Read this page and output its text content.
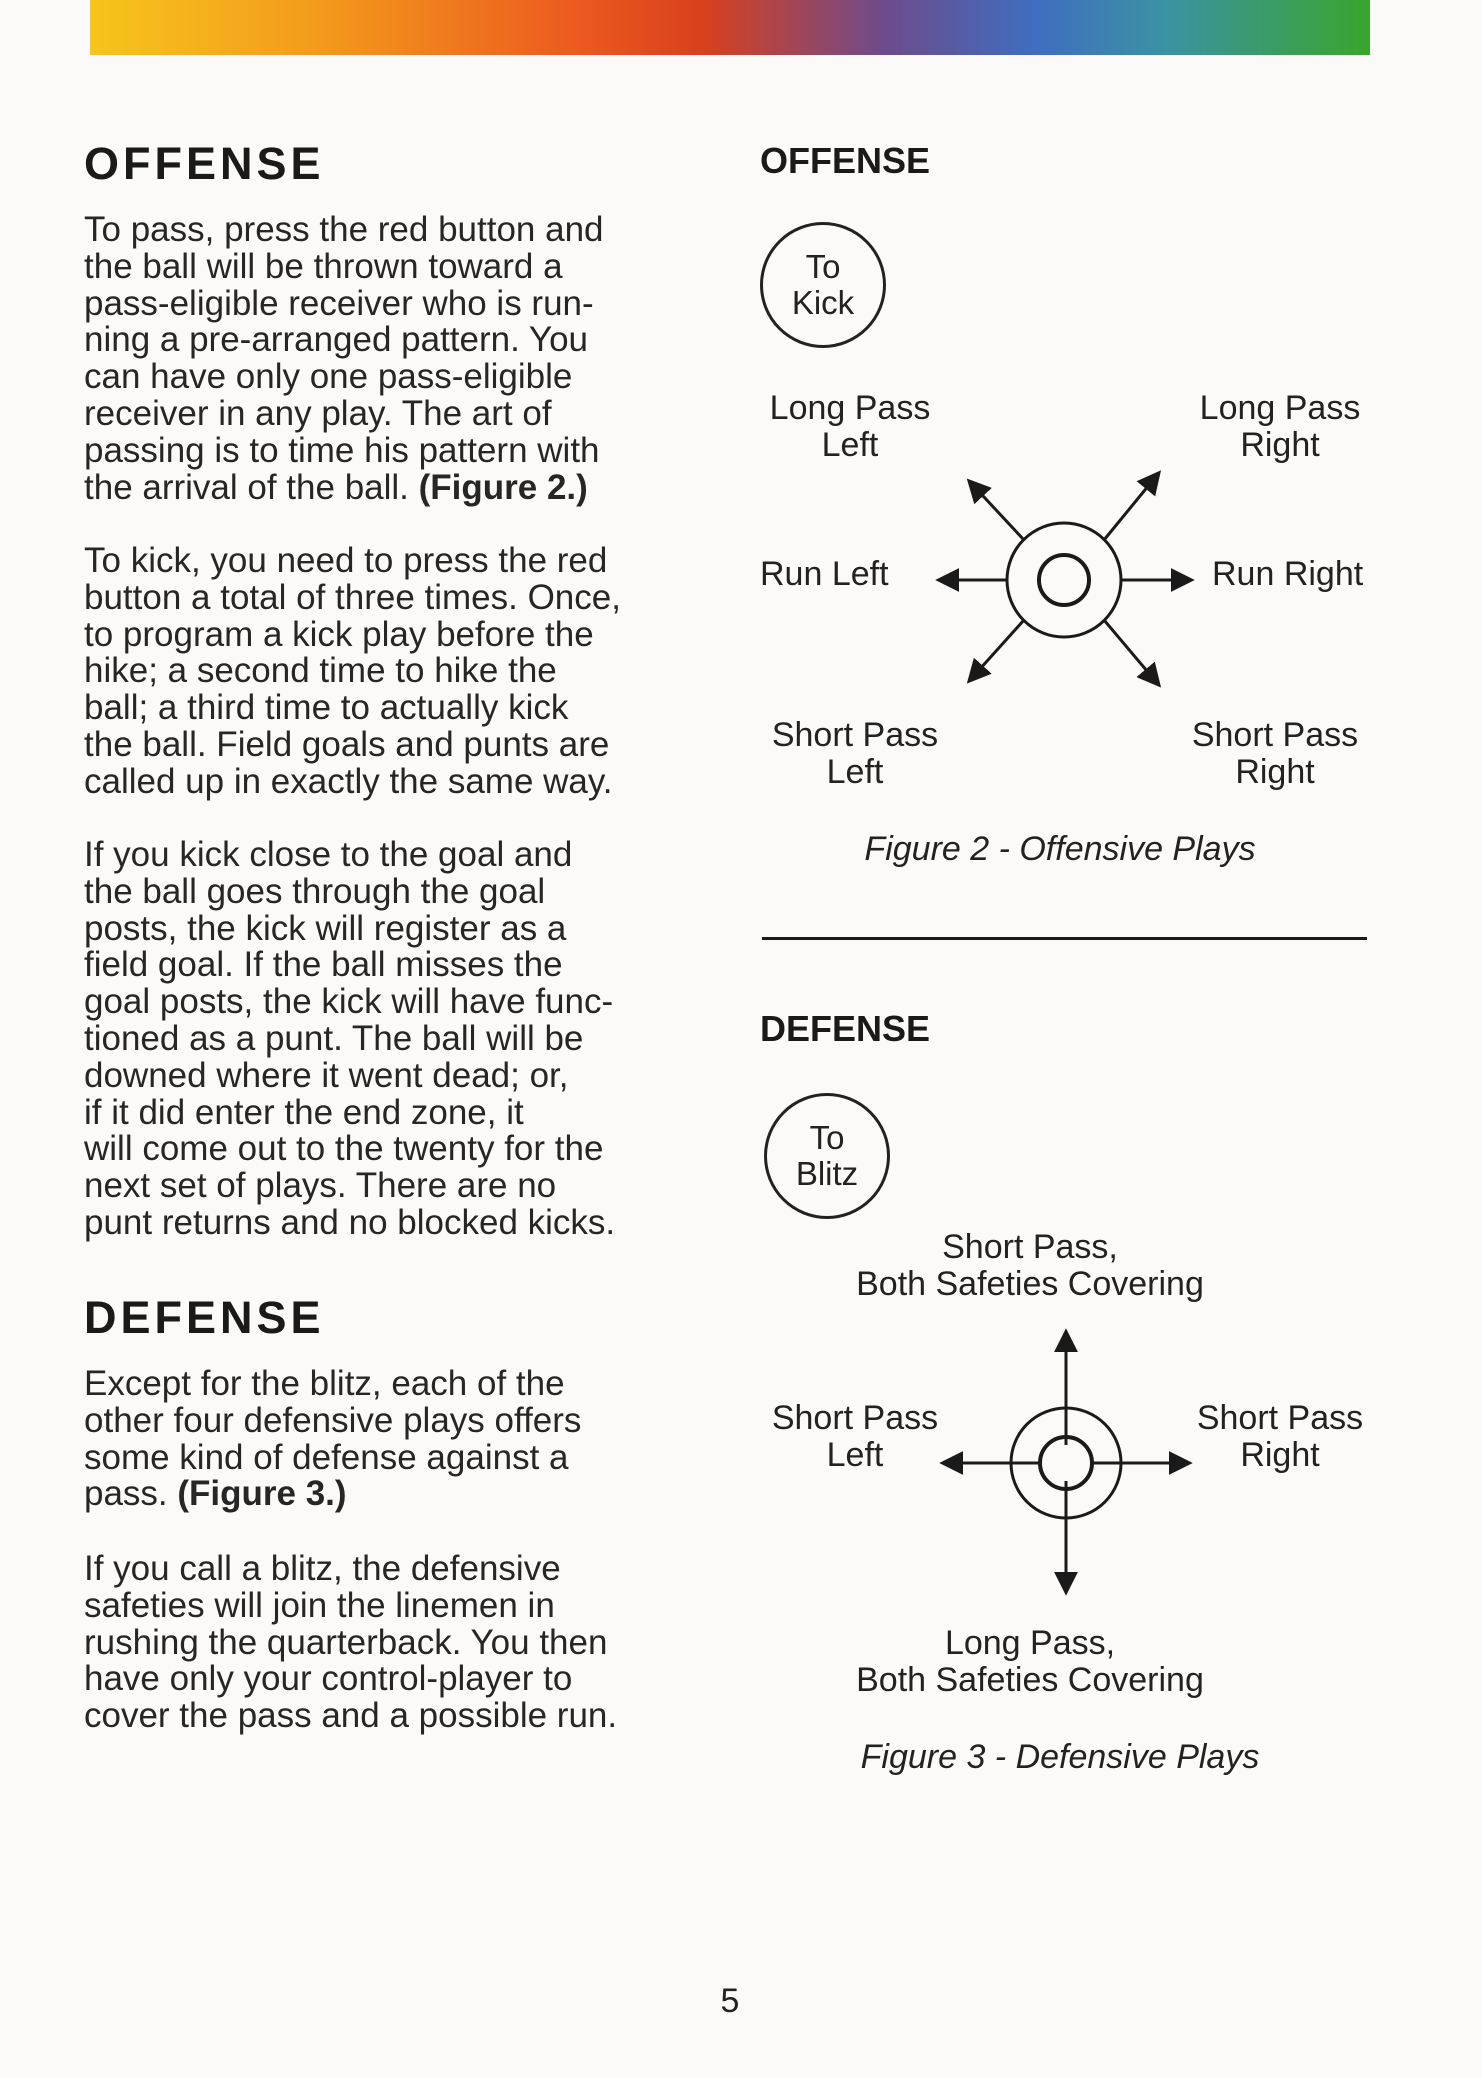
OFFENSE

To pass, press the red button and
the ball will be thrown toward a
pass-eligible receiver who is run-
ning a pre-arranged pattern. You
can have only one pass-eligible
receiver in any play. The art of
passing is to time his pattern with
the arrival of the ball. (Figure 2.)

To kick, you need to press the red
button a total of three times. Once,
to program a kick play before the
hike; a second time to hike the
ball; a third time to actually kick
the ball. Field goals and punts are
called up in exactly the same way.

If you kick close to the goal and
the ball goes through the goal
posts, the kick will register as a
field goal. If the ball misses the
goal posts, the kick will have func-
tioned as a punt. The ball will be
downed where it went dead; or,
if it did enter the end zone, it
will come out to the twenty for the
next set of plays. There are no
punt returns and no blocked kicks.

DEFENSE

Except for the blitz, each of the
other four defensive plays offers
some kind of defense against a
pass. (Figure 3.)

If you call a blitz, the defensive
safeties will join the linemen in
rushing the quarterback. You then
have only your control-player to
cover the pass and a possible run.

OFFENSE
To
Kick

Long Pass
Left

Long Pass
Right

Run Left	Run Right

Short Pass
Left

Short Pass
Right

Figure 2 - Offensive Plays

DEFENSE
To
Blitz

Short Pass,
Both Safeties Covering

Short Pass
Left

Short Pass
Right

Long Pass,
Both Safeties Covering

Figure 3 - Defensive Plays

5
